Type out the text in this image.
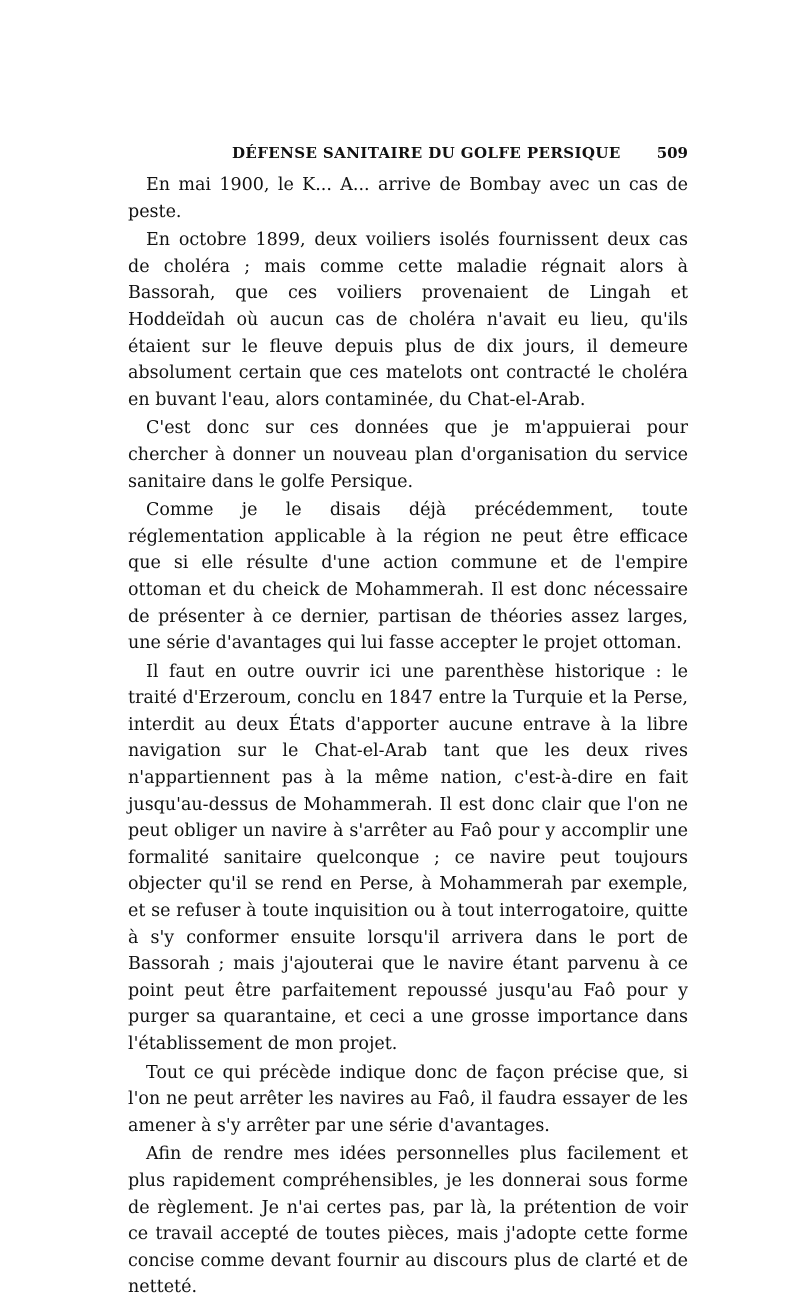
DÉFENSE SANITAIRE DU GOLFE PERSIQUE 509

En mai 1900, le K... A... arrive de Bombay avec un cas de peste.

En octobre 1899, deux voiliers isolés fournissent deux cas de choléra ; mais comme cette maladie régnait alors à Bassorah, que ces voiliers provenaient de Lingah et Hoddeïdah où aucun cas de choléra n'avait eu lieu, qu'ils étaient sur le fleuve depuis plus de dix jours, il demeure absolument certain que ces matelots ont contracté le choléra en buvant l'eau, alors contaminée, du Chat-el-Arab.

C'est donc sur ces données que je m'appuierai pour chercher à donner un nouveau plan d'organisation du service sanitaire dans le golfe Persique.

Comme je le disais déjà précédemment, toute réglementation applicable à la région ne peut être efficace que si elle résulte d'une action commune et de l'empire ottoman et du cheick de Mohammerah. Il est donc nécessaire de présenter à ce dernier, partisan de théories assez larges, une série d'avantages qui lui fasse accepter le projet ottoman.

Il faut en outre ouvrir ici une parenthèse historique : le traité d'Erzeroum, conclu en 1847 entre la Turquie et la Perse, interdit au deux États d'apporter aucune entrave à la libre navigation sur le Chat-el-Arab tant que les deux rives n'appartiennent pas à la même nation, c'est-à-dire en fait jusqu'au-dessus de Mohammerah. Il est donc clair que l'on ne peut obliger un navire à s'arrêter au Faô pour y accomplir une formalité sanitaire quelconque ; ce navire peut toujours objecter qu'il se rend en Perse, à Mohammerah par exemple, et se refuser à toute inquisition ou à tout interrogatoire, quitte à s'y conformer ensuite lorsqu'il arrivera dans le port de Bassorah ; mais j'ajouterai que le navire étant parvenu à ce point peut être parfaitement repoussé jusqu'au Faô pour y purger sa quarantaine, et ceci a une grosse importance dans l'établissement de mon projet.

Tout ce qui précède indique donc de façon précise que, si l'on ne peut arrêter les navires au Faô, il faudra essayer de les amener à s'y arrêter par une série d'avantages.

Afin de rendre mes idées personnelles plus facilement et plus rapidement compréhensibles, je les donnerai sous forme de règlement. Je n'ai certes pas, par là, la prétention de voir ce travail accepté de toutes pièces, mais j'adopte cette forme concise comme devant fournir au discours plus de clarté et de netteté.
